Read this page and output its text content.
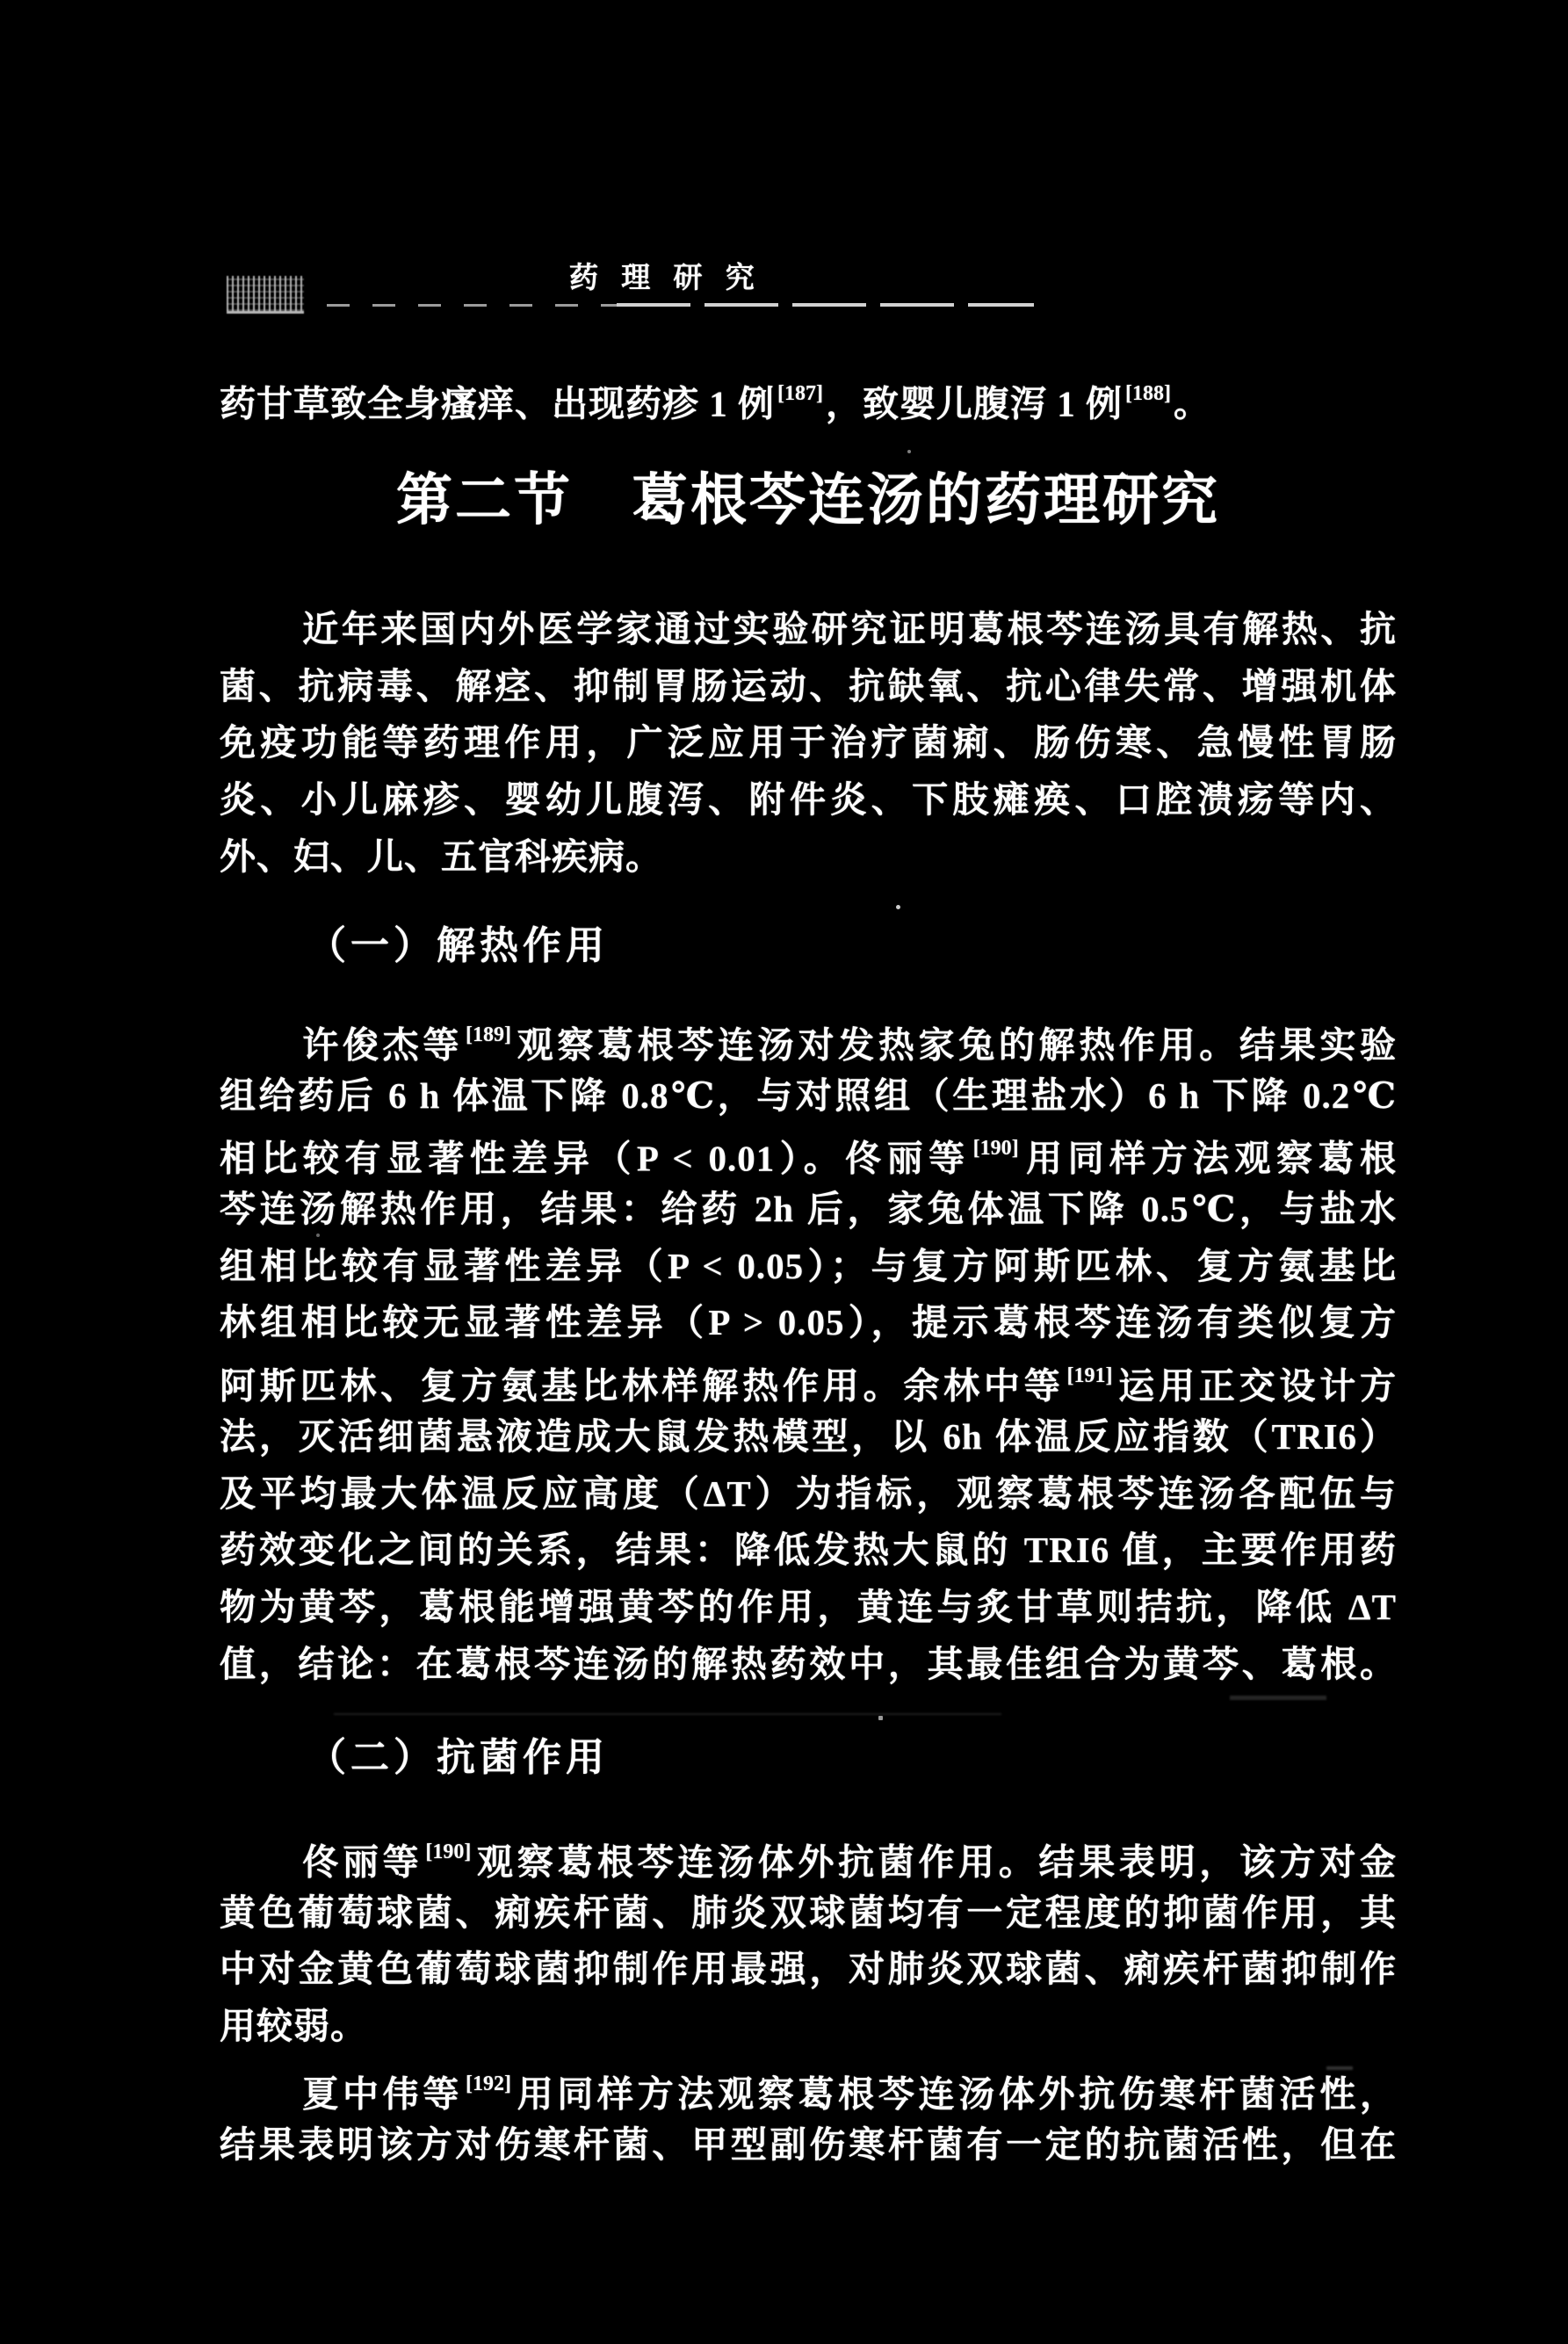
药 理 研 究
药甘草致全身瘙痒、出现药疹 1 例 [187]，致婴儿腹泻 1 例 [188]。
第二节　葛根芩连汤的药理研究
近年来国内外医学家通过实验研究证明葛根芩连汤具有解热、抗
菌、抗病毒、解痉、抑制胃肠运动、抗缺氧、抗心律失常、增强机体
免疫功能等药理作用，广泛应用于治疗菌痢、肠伤寒、急慢性胃肠
炎、小儿麻疹、婴幼儿腹泻、附件炎、下肢瘫痪、口腔溃疡等内、
外、妇、儿、五官科疾病。
（一）解热作用
许俊杰等 [189]观察葛根芩连汤对发热家兔的解热作用。结果实验
组给药后 6 h 体温下降 0.8℃，与对照组（生理盐水）6 h 下降 0.2℃
相比较有显著性差异（P < 0.01）。佟丽等 [190]用同样方法观察葛根
芩连汤解热作用，结果：给药 2h 后，家兔体温下降 0.5℃，与盐水
组相比较有显著性差异（P < 0.05）；与复方阿斯匹林、复方氨基比
林组相比较无显著性差异（P > 0.05），提示葛根芩连汤有类似复方
阿斯匹林、复方氨基比林样解热作用。余林中等 [191]运用正交设计方
法，灭活细菌悬液造成大鼠发热模型，以 6h 体温反应指数（TRI6）
及平均最大体温反应高度（ΔT）为指标，观察葛根芩连汤各配伍与
药效变化之间的关系，结果：降低发热大鼠的 TRI6 值，主要作用药
物为黄芩，葛根能增强黄芩的作用，黄连与炙甘草则拮抗，降低 ΔT
值，结论：在葛根芩连汤的解热药效中，其最佳组合为黄芩、葛根。
（二）抗菌作用
佟丽等 [190]观察葛根芩连汤体外抗菌作用。结果表明，该方对金
黄色葡萄球菌、痢疾杆菌、肺炎双球菌均有一定程度的抑菌作用，其
中对金黄色葡萄球菌抑制作用最强，对肺炎双球菌、痢疾杆菌抑制作
用较弱。
夏中伟等 [192]用同样方法观察葛根芩连汤体外抗伤寒杆菌活性，
结果表明该方对伤寒杆菌、甲型副伤寒杆菌有一定的抗菌活性，但在
